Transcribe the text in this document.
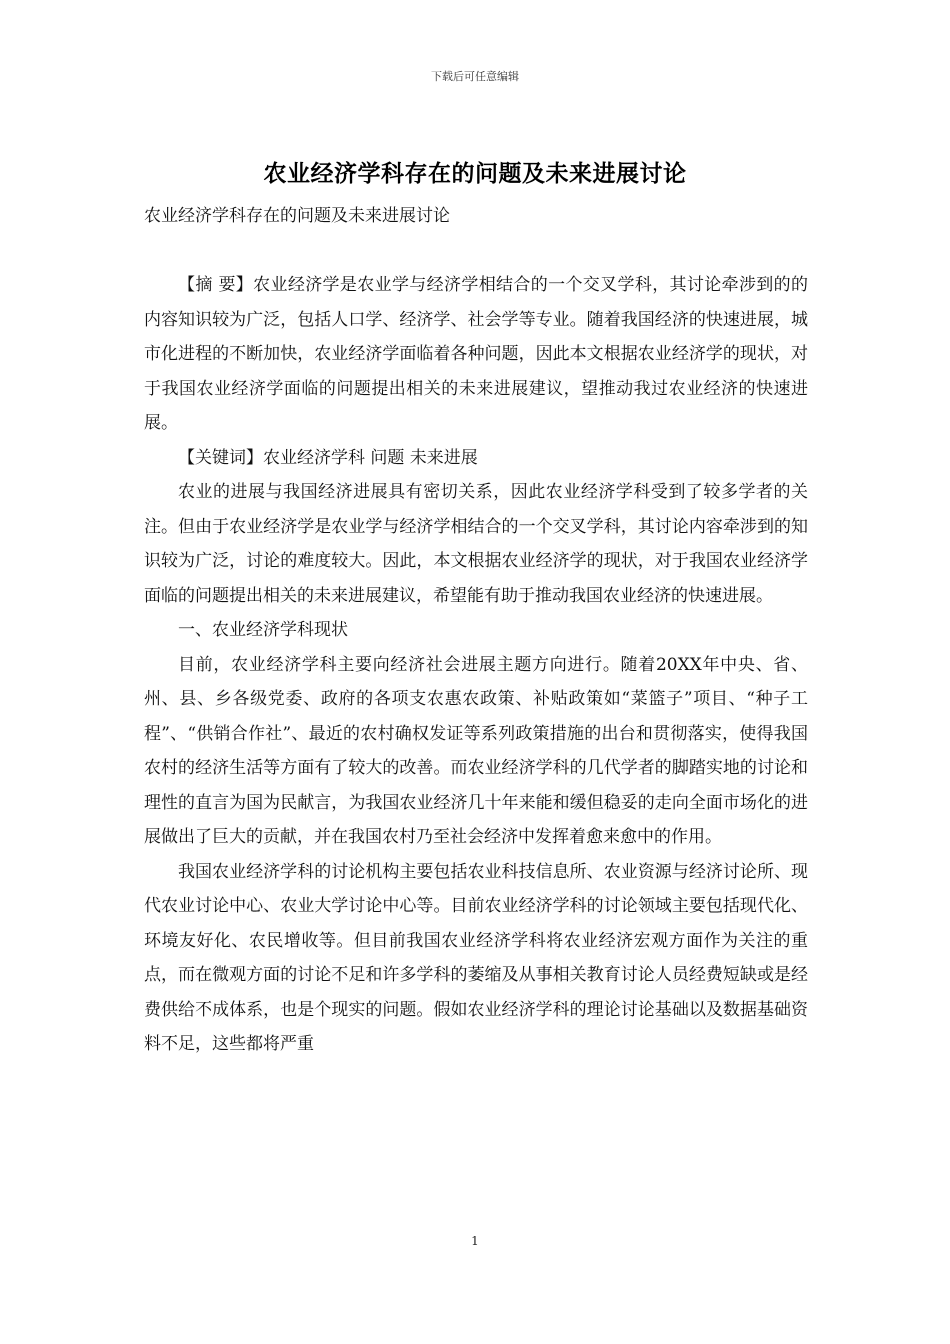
下载后可任意编辑
农业经济学科存在的问题及未来进展讨论
农业经济学科存在的问题及未来进展讨论

【摘 要】农业经济学是农业学与经济学相结合的一个交叉学科，其讨论牵涉到的的内容知识较为广泛，包括人口学、经济学、社会学等专业。随着我国经济的快速进展，城市化进程的不断加快，农业经济学面临着各种问题，因此本文根据农业经济学的现状，对于我国农业经济学面临的问题提出相关的未来进展建议，望推动我过农业经济的快速进展。

【关键词】农业经济学科 问题 未来进展

农业的进展与我国经济进展具有密切关系，因此农业经济学科受到了较多学者的关注。但由于农业经济学是农业学与经济学相结合的一个交叉学科，其讨论内容牵涉到的知识较为广泛，讨论的难度较大。因此，本文根据农业经济学的现状，对于我国农业经济学面临的问题提出相关的未来进展建议，希望能有助于推动我国农业经济的快速进展。

一、农业经济学科现状

目前，农业经济学科主要向经济社会进展主题方向进行。随着20XX年中央、省、州、县、乡各级党委、政府的各项支农惠农政策、补贴政策如“菜篮子”项目、“种子工程”、“供销合作社”、最近的农村确权发证等系列政策措施的出台和贯彻落实，使得我国农村的经济生活等方面有了较大的改善。而农业经济学科的几代学者的脚踏实地的讨论和理性的直言为国为民献言，为我国农业经济几十年来能和缓但稳妥的走向全面市场化的进展做出了巨大的贡献，并在我国农村乃至社会经济中发挥着愈来愈中的作用。

我国农业经济学科的讨论机构主要包括农业科技信息所、农业资源与经济讨论所、现代农业讨论中心、农业大学讨论中心等。目前农业经济学科的讨论领域主要包括现代化、环境友好化、农民增收等。但目前我国农业经济学科将农业经济宏观方面作为关注的重点，而在微观方面的讨论不足和许多学科的萎缩及从事相关教育讨论人员经费短缺或是经费供给不成体系，也是个现实的问题。假如农业经济学科的理论讨论基础以及数据基础资料不足，这些都将严重

1
